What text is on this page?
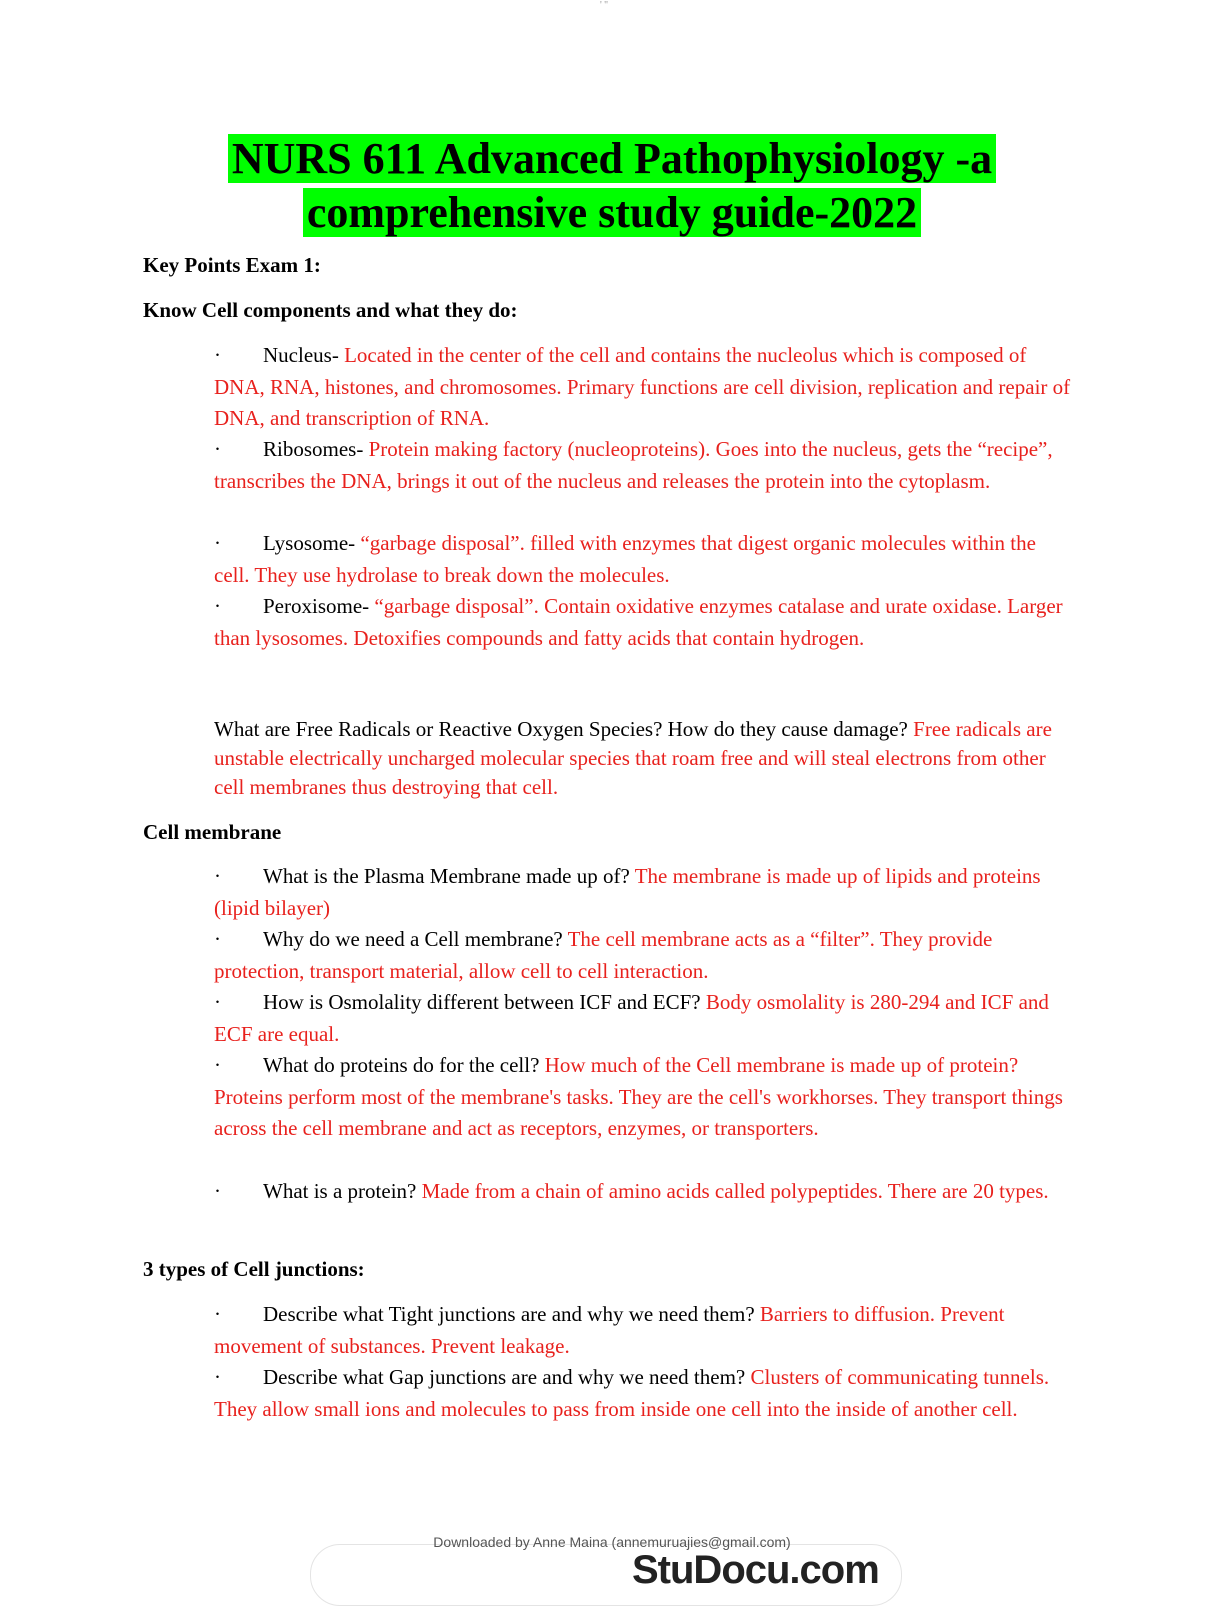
' ''
NURS 611 Advanced Pathophysiology -a
comprehensive study guide-2022
Key Points Exam 1:
Know Cell components and what they do:
· Nucleus- Located in the center of the cell and contains the nucleolus which is composed of DNA, RNA, histones, and chromosomes. Primary functions are cell division, replication and repair of DNA, and transcription of RNA.
· Ribosomes- Protein making factory (nucleoproteins). Goes into the nucleus, gets the “recipe”, transcribes the DNA, brings it out of the nucleus and releases the protein into the cytoplasm.
· Lysosome- “garbage disposal”. filled with enzymes that digest organic molecules within the cell. They use hydrolase to break down the molecules.
· Peroxisome- “garbage disposal”. Contain oxidative enzymes catalase and urate oxidase. Larger than lysosomes. Detoxifies compounds and fatty acids that contain hydrogen.
What are Free Radicals or Reactive Oxygen Species? How do they cause damage? Free radicals are unstable electrically uncharged molecular species that roam free and will steal electrons from other cell membranes thus destroying that cell.
Cell membrane
· What is the Plasma Membrane made up of? The membrane is made up of lipids and proteins (lipid bilayer)
· Why do we need a Cell membrane? The cell membrane acts as a “filter”. They provide protection, transport material, allow cell to cell interaction.
· How is Osmolality different between ICF and ECF? Body osmolality is 280-294 and ICF and ECF are equal.
· What do proteins do for the cell? How much of the Cell membrane is made up of protein? Proteins perform most of the membrane's tasks. They are the cell's workhorses. They transport things across the cell membrane and act as receptors, enzymes, or transporters.
· What is a protein? Made from a chain of amino acids called polypeptides. There are 20 types.
3 types of Cell junctions:
· Describe what Tight junctions are and why we need them? Barriers to diffusion. Prevent movement of substances. Prevent leakage.
· Describe what Gap junctions are and why we need them? Clusters of communicating tunnels. They allow small ions and molecules to pass from inside one cell into the inside of another cell.
Downloaded by Anne Maina (annemuruajies@gmail.com)
StuDocu.com
